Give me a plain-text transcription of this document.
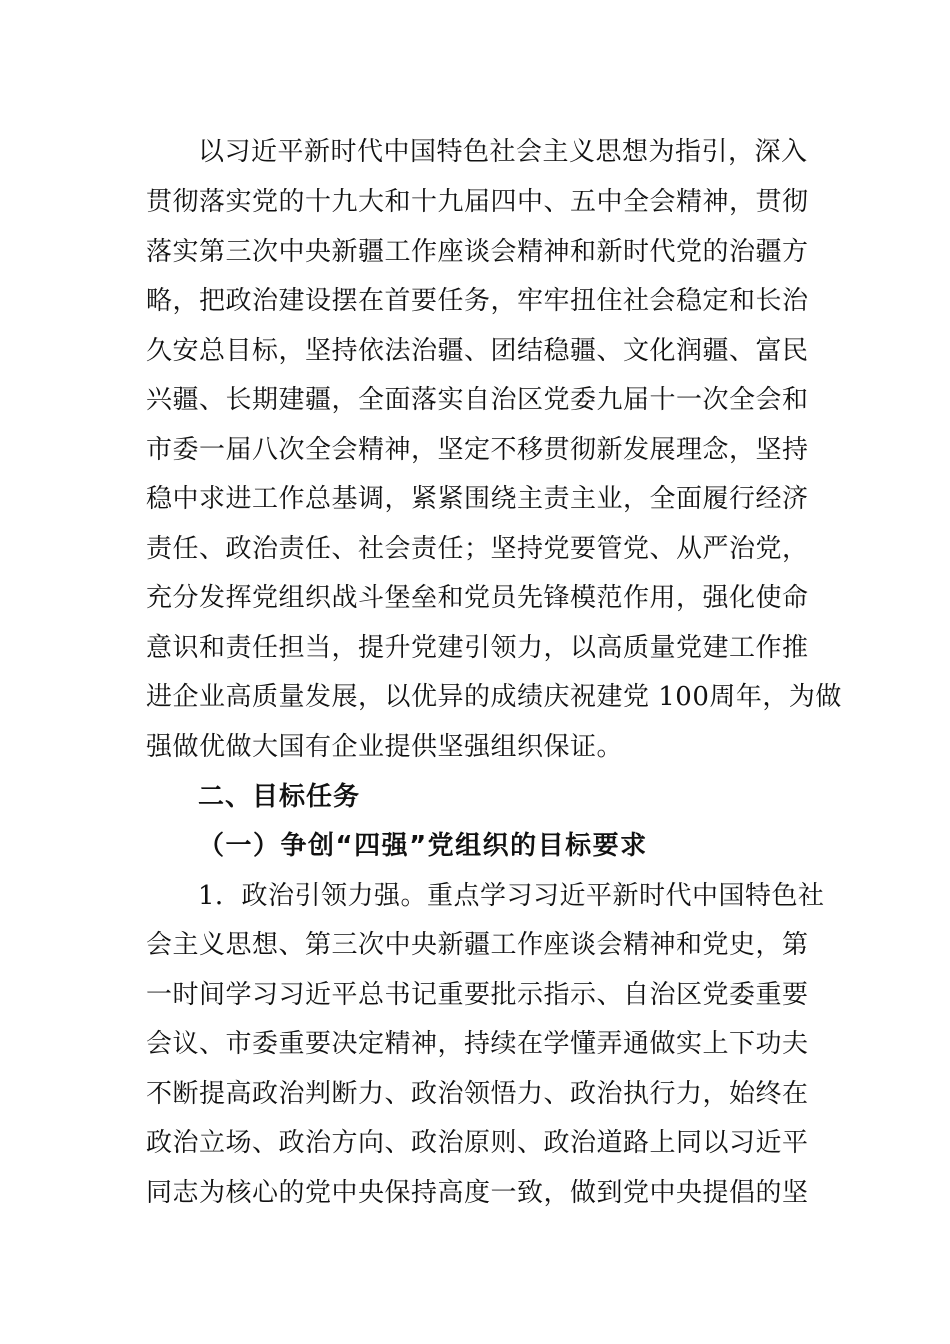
以习近平新时代中国特色社会主义思想为指引，深入
贯彻落实党的十九大和十九届四中、五中全会精神，贯彻
落实第三次中央新疆工作座谈会精神和新时代党的治疆方
略，把政治建设摆在首要任务，牢牢扭住社会稳定和长治
久安总目标，坚持依法治疆、团结稳疆、文化润疆、富民
兴疆、长期建疆，全面落实自治区党委九届十一次全会和
市委一届八次全会精神，坚定不移贯彻新发展理念，坚持
稳中求进工作总基调，紧紧围绕主责主业，全面履行经济
责任、政治责任、社会责任；坚持党要管党、从严治党，
充分发挥党组织战斗堡垒和党员先锋模范作用，强化使命
意识和责任担当，提升党建引领力，以高质量党建工作推
进企业高质量发展，以优异的成绩庆祝建党 100周年，为做
强做优做大国有企业提供坚强组织保证。
二、目标任务
（一）争创“四强”党组织的目标要求
1．政治引领力强。重点学习习近平新时代中国特色社
会主义思想、第三次中央新疆工作座谈会精神和党史，第
一时间学习习近平总书记重要批示指示、自治区党委重要
会议、市委重要决定精神，持续在学懂弄通做实上下功夫
不断提高政治判断力、政治领悟力、政治执行力，始终在
政治立场、政治方向、政治原则、政治道路上同以习近平
同志为核心的党中央保持高度一致，做到党中央提倡的坚
